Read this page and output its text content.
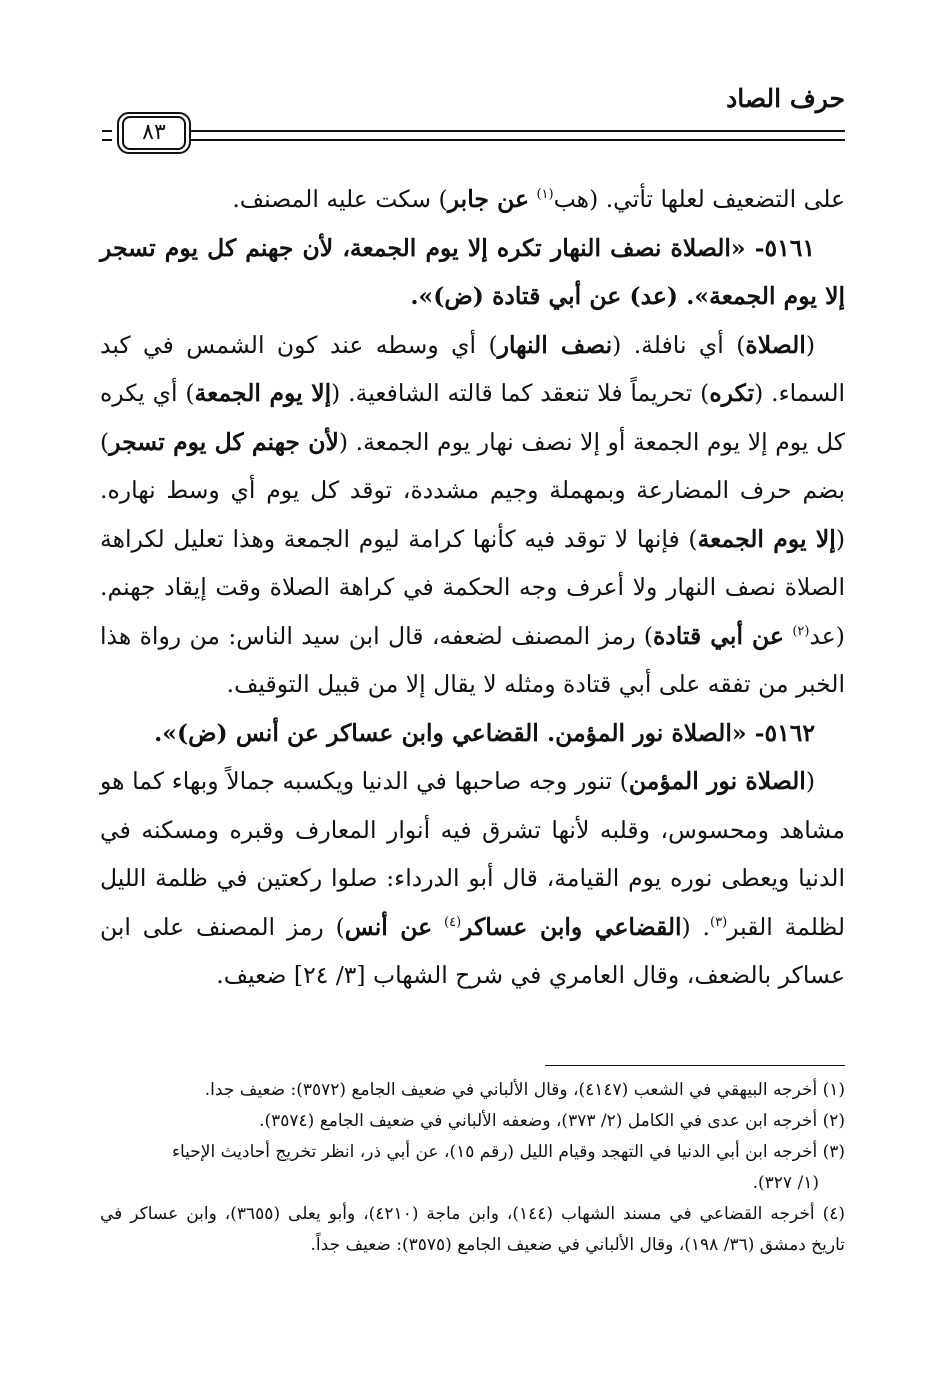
حرف الصاد
٨٣

على التضعيف لعلها تأتي. (هب$^{(١)}$ عن جابر) سكت عليه المصنف.

٥١٦١- «الصلاة نصف النهار تكره إلا يوم الجمعة، لأن جهنم كل يوم تسجر إلا يوم الجمعة». (عد) عن أبي قتادة (ض)».

(الصلاة) أي نافلة. (نصف النهار) أي وسطه عند كون الشمس في كبد السماء. (تكره) تحريماً فلا تنعقد كما قالته الشافعية. (إلا يوم الجمعة) أي يكره كل يوم إلا يوم الجمعة أو إلا نصف نهار يوم الجمعة. (لأن جهنم كل يوم تسجر) بضم حرف المضارعة وبمهملة وجيم مشددة، توقد كل يوم أي وسط نهاره. (إلا يوم الجمعة) فإنها لا توقد فيه كأنها كرامة ليوم الجمعة وهذا تعليل لكراهة الصلاة نصف النهار ولا أعرف وجه الحكمة في كراهة الصلاة وقت إيقاد جهنم. (عد$^{(٢)}$ عن أبي قتادة) رمز المصنف لضعفه، قال ابن سيد الناس: من رواة هذا الخبر من تفقه على أبي قتادة ومثله لا يقال إلا من قبيل التوقيف.

٥١٦٢- «الصلاة نور المؤمن. القضاعي وابن عساكر عن أنس (ض)».

(الصلاة نور المؤمن) تنور وجه صاحبها في الدنيا ويكسبه جمالاً وبهاء كما هو مشاهد ومحسوس، وقلبه لأنها تشرق فيه أنوار المعارف وقبره ومسكنه في الدنيا ويعطى نوره يوم القيامة، قال أبو الدرداء: صلوا ركعتين في ظلمة الليل لظلمة القبر$^{(٣)}$. (القضاعي وابن عساكر$^{(٤)}$ عن أنس) رمز المصنف على ابن عساكر بالضعف، وقال العامري في شرح الشهاب [٣/ ٢٤] ضعيف.

(١) أخرجه البيهقي في الشعب (٤١٤٧)، وقال الألباني في ضعيف الجامع (٣٥٧٢): ضعيف جدا.

(٢) أخرجه ابن عدى في الكامل (٢/ ٣٧٣)، وضعفه الألباني في ضعيف الجامع (٣٥٧٤).

(٣) أخرجه ابن أبي الدنيا في التهجد وقيام الليل (رقم ١٥)، عن أبي ذر، انظر تخريج أحاديث الإحياء

(١/ ٣٢٧).

(٤) أخرجه القضاعي في مسند الشهاب (١٤٤)، وابن ماجة (٤٢١٠)، وأبو يعلى (٣٦٥٥)، وابن عساكر في تاريخ دمشق (٣٦/ ١٩٨)، وقال الألباني في ضعيف الجامع (٣٥٧٥): ضعيف جداً.
